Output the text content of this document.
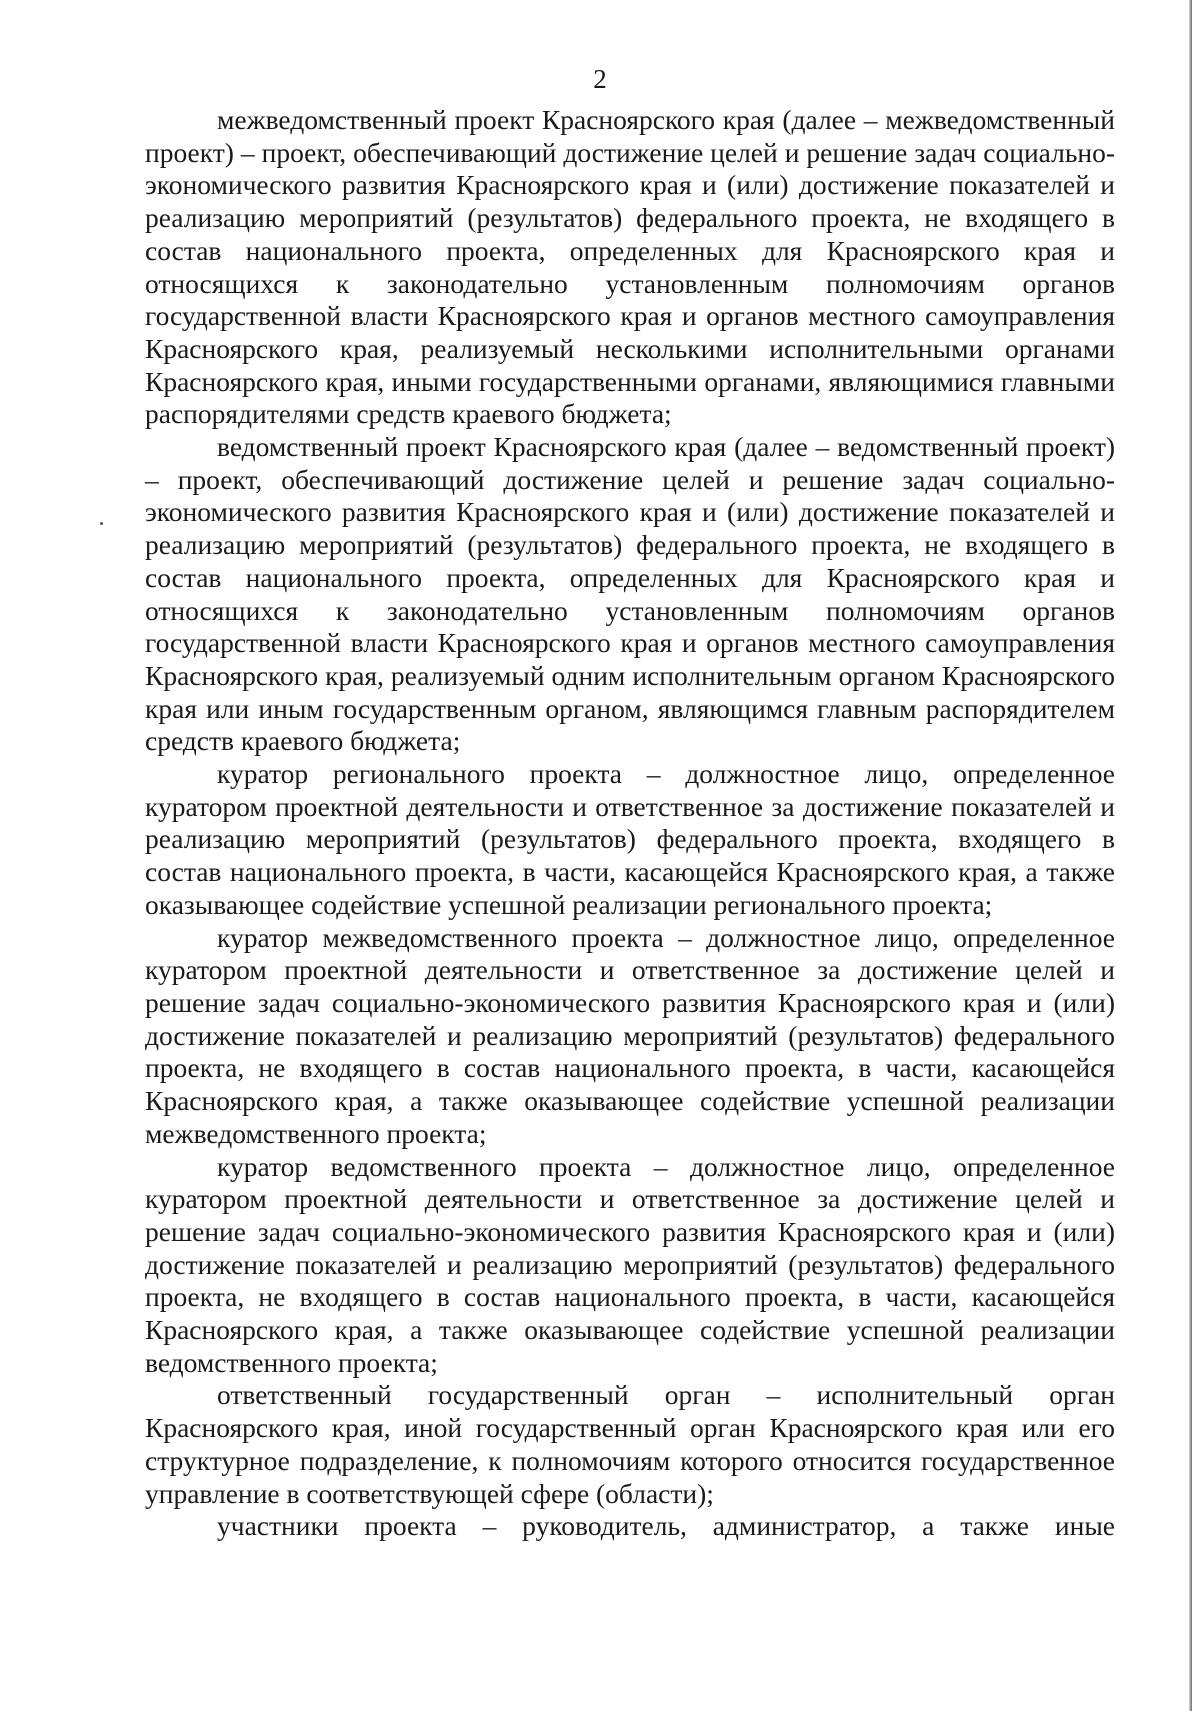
2

межведомственный проект Красноярского края (далее – межведомственный проект) – проект, обеспечивающий достижение целей и решение задач социально-экономического развития Красноярского края и (или) достижение показателей и реализацию мероприятий (результатов) федерального проекта, не входящего в состав национального проекта, определенных для Красноярского края и относящихся к законодательно установленным полномочиям органов государственной власти Красноярского края и органов местного самоуправления Красноярского края, реализуемый несколькими исполнительными органами Красноярского края, иными государственными органами, являющимися главными распорядителями средств краевого бюджета;

ведомственный проект Красноярского края (далее – ведомственный проект) – проект, обеспечивающий достижение целей и решение задач социально-экономического развития Красноярского края и (или) достижение показателей и реализацию мероприятий (результатов) федерального проекта, не входящего в состав национального проекта, определенных для Красноярского края и относящихся к законодательно установленным полномочиям органов государственной власти Красноярского края и органов местного самоуправления Красноярского края, реализуемый одним исполнительным органом Красноярского края или иным государственным органом, являющимся главным распорядителем средств краевого бюджета;

куратор регионального проекта – должностное лицо, определенное куратором проектной деятельности и ответственное за достижение показателей и реализацию мероприятий (результатов) федерального проекта, входящего в состав национального проекта, в части, касающейся Красноярского края, а также оказывающее содействие успешной реализации регионального проекта;

куратор межведомственного проекта – должностное лицо, определенное куратором проектной деятельности и ответственное за достижение целей и решение задач социально-экономического развития Красноярского края и (или) достижение показателей и реализацию мероприятий (результатов) федерального проекта, не входящего в состав национального проекта, в части, касающейся Красноярского края, а также оказывающее содействие успешной реализации межведомственного проекта;

куратор ведомственного проекта – должностное лицо, определенное куратором проектной деятельности и ответственное за достижение целей и решение задач социально-экономического развития Красноярского края и (или) достижение показателей и реализацию мероприятий (результатов) федерального проекта, не входящего в состав национального проекта, в части, касающейся Красноярского края, а также оказывающее содействие успешной реализации ведомственного проекта;

ответственный государственный орган – исполнительный орган Красноярского края, иной государственный орган Красноярского края или его структурное подразделение, к полномочиям которого относится государственное управление в соответствующей сфере (области);

участники проекта – руководитель, администратор, а также иные
